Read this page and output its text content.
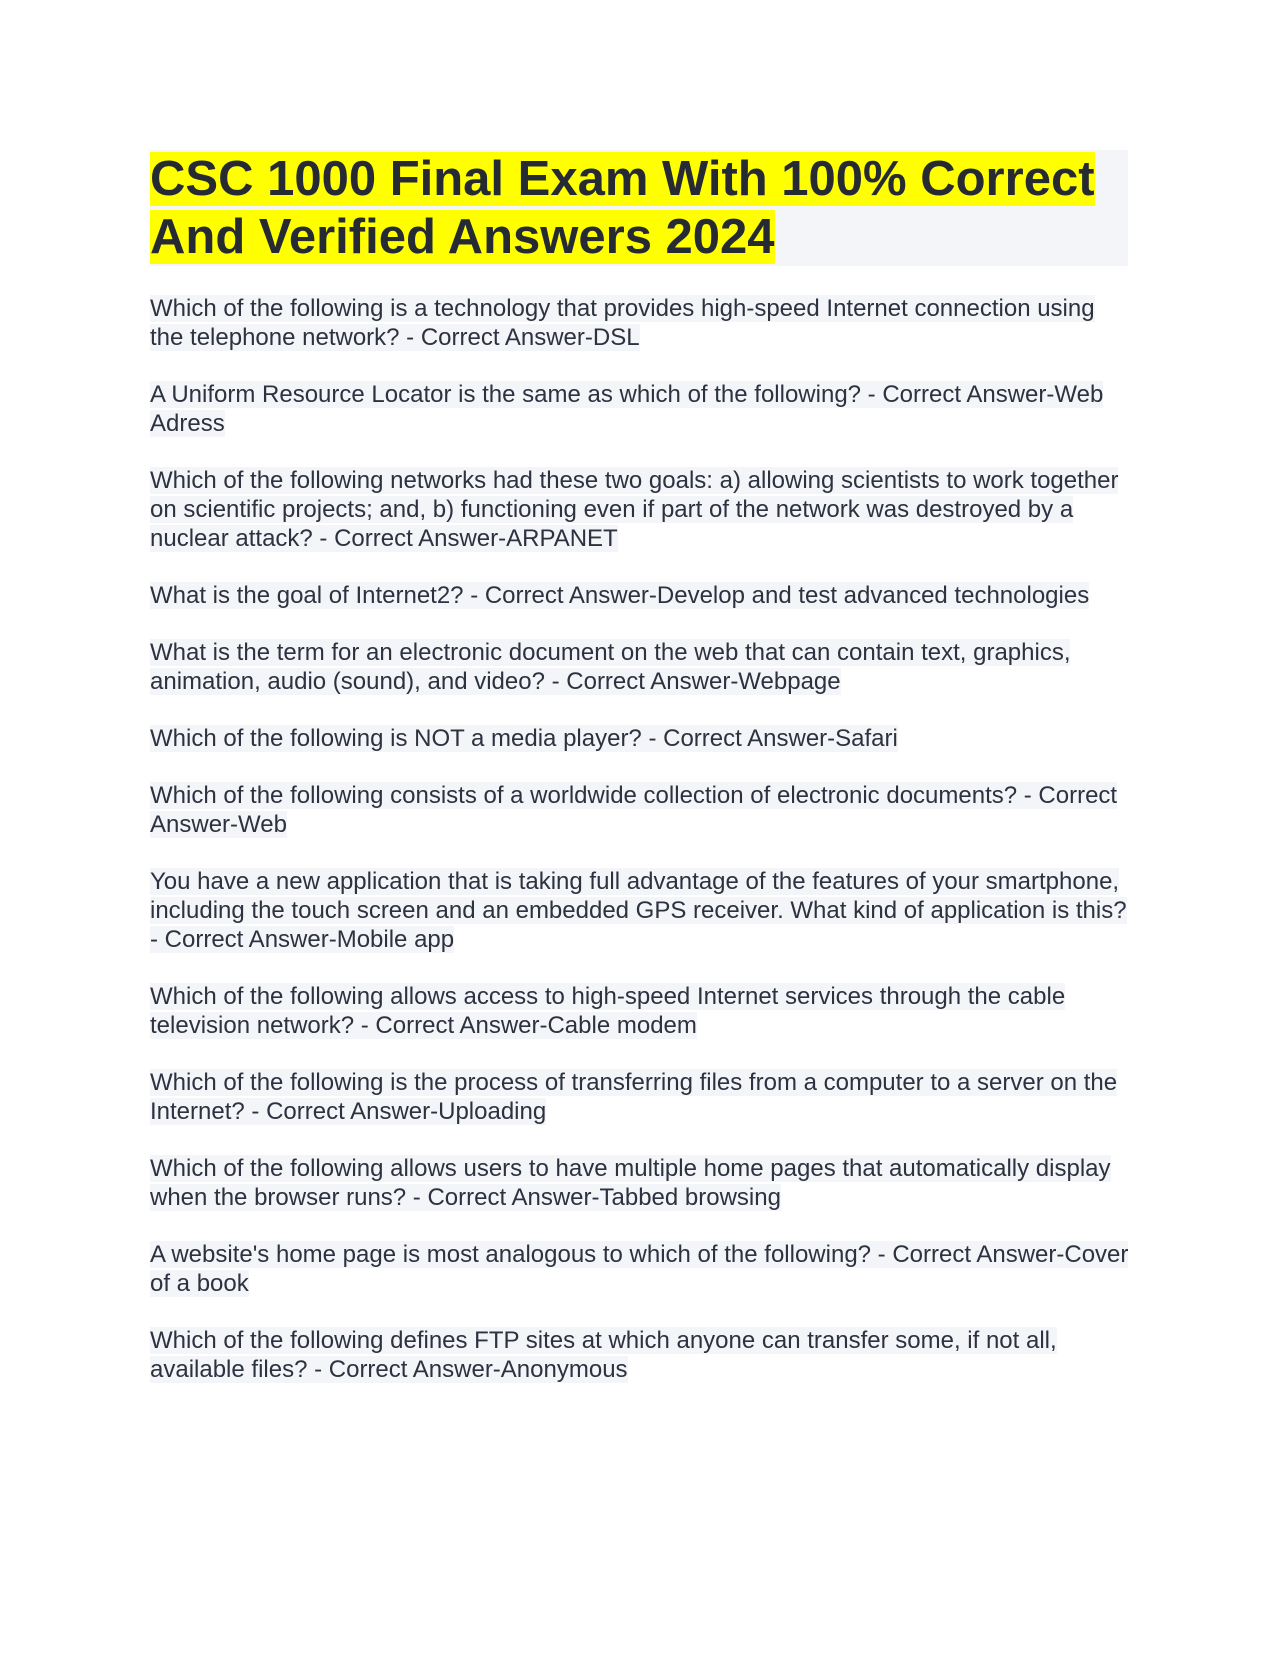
CSC 1000 Final Exam With 100% Correct And Verified Answers 2024

Which of the following is a technology that provides high-speed Internet connection using the telephone network? - Correct Answer-DSL

A Uniform Resource Locator is the same as which of the following? - Correct Answer-Web Adress

Which of the following networks had these two goals: a) allowing scientists to work together on scientific projects; and, b) functioning even if part of the network was destroyed by a nuclear attack? - Correct Answer-ARPANET

What is the goal of Internet2? - Correct Answer-Develop and test advanced technologies

What is the term for an electronic document on the web that can contain text, graphics, animation, audio (sound), and video? - Correct Answer-Webpage

Which of the following is NOT a media player? - Correct Answer-Safari

Which of the following consists of a worldwide collection of electronic documents? - Correct Answer-Web

You have a new application that is taking full advantage of the features of your smartphone, including the touch screen and an embedded GPS receiver. What kind of application is this? - Correct Answer-Mobile app

Which of the following allows access to high-speed Internet services through the cable television network? - Correct Answer-Cable modem

Which of the following is the process of transferring files from a computer to a server on the Internet? - Correct Answer-Uploading

Which of the following allows users to have multiple home pages that automatically display when the browser runs? - Correct Answer-Tabbed browsing

A website's home page is most analogous to which of the following? - Correct Answer-Cover of a book

Which of the following defines FTP sites at which anyone can transfer some, if not all, available files? - Correct Answer-Anonymous
